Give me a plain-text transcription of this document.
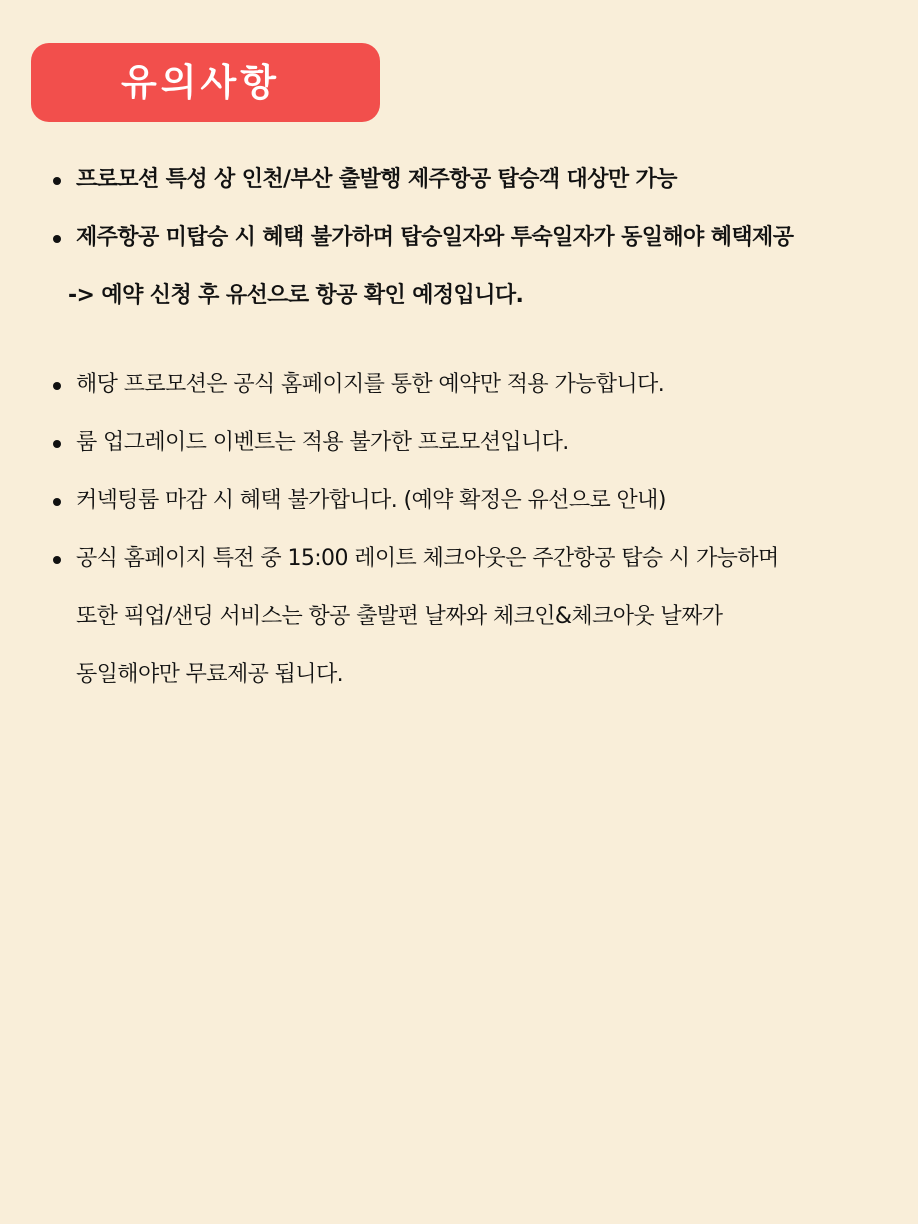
유의사항
프로모션 특성 상 인천/부산 출발행 제주항공 탑승객 대상만 가능
제주항공 미탑승 시 혜택 불가하며 탑승일자와 투숙일자가 동일해야 혜택제공
-> 예약 신청 후 유선으로 항공 확인 예정입니다.
해당 프로모션은 공식 홈페이지를 통한 예약만 적용 가능합니다.
룸 업그레이드 이벤트는 적용 불가한 프로모션입니다.
커넥팅룸 마감 시 혜택 불가합니다. (예약 확정은 유선으로 안내)
공식 홈페이지 특전 중 15:00 레이트 체크아웃은 주간항공 탑승 시 가능하며
또한 픽업/샌딩 서비스는 항공 출발편 날짜와 체크인&체크아웃 날짜가
동일해야만 무료제공 됩니다.
